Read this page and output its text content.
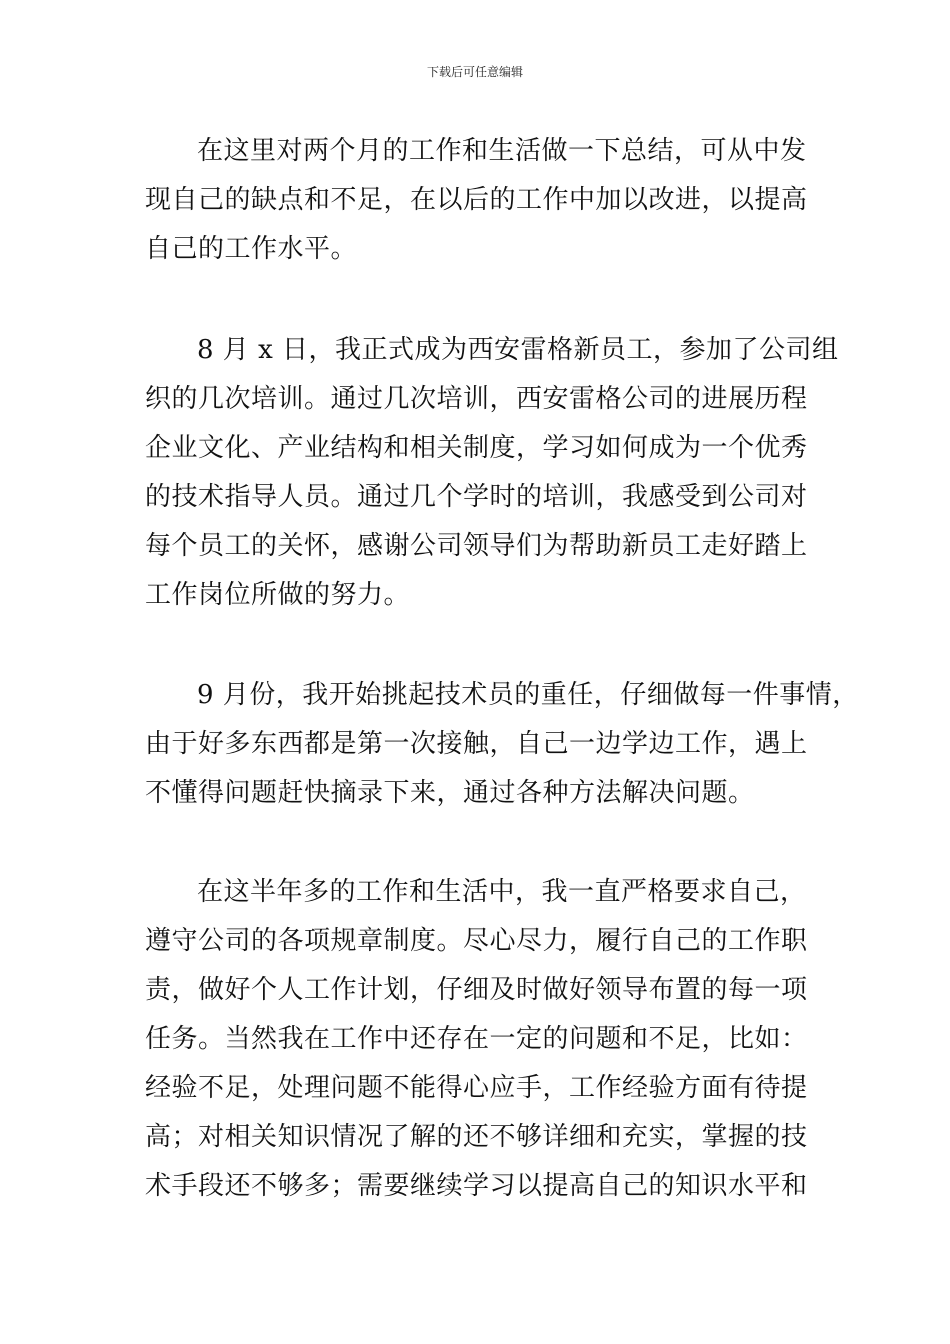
下载后可任意编辑

在这里对两个月的工作和生活做一下总结，可从中发
现自己的缺点和不足，在以后的工作中加以改进，以提高
自己的工作水平。

8 月 x 日，我正式成为西安雷格新员工，参加了公司组
织的几次培训。通过几次培训，西安雷格公司的进展历程
企业文化、产业结构和相关制度，学习如何成为一个优秀
的技术指导人员。通过几个学时的培训，我感受到公司对
每个员工的关怀，感谢公司领导们为帮助新员工走好踏上
工作岗位所做的努力。

9 月份，我开始挑起技术员的重任，仔细做每一件事情，
由于好多东西都是第一次接触，自己一边学边工作，遇上
不懂得问题赶快摘录下来，通过各种方法解决问题。

在这半年多的工作和生活中，我一直严格要求自己，
遵守公司的各项规章制度。尽心尽力，履行自己的工作职
责，做好个人工作计划，仔细及时做好领导布置的每一项
任务。当然我在工作中还存在一定的问题和不足，比如：
经验不足，处理问题不能得心应手，工作经验方面有待提
高；对相关知识情况了解的还不够详细和充实，掌握的技
术手段还不够多；需要继续学习以提高自己的知识水平和
